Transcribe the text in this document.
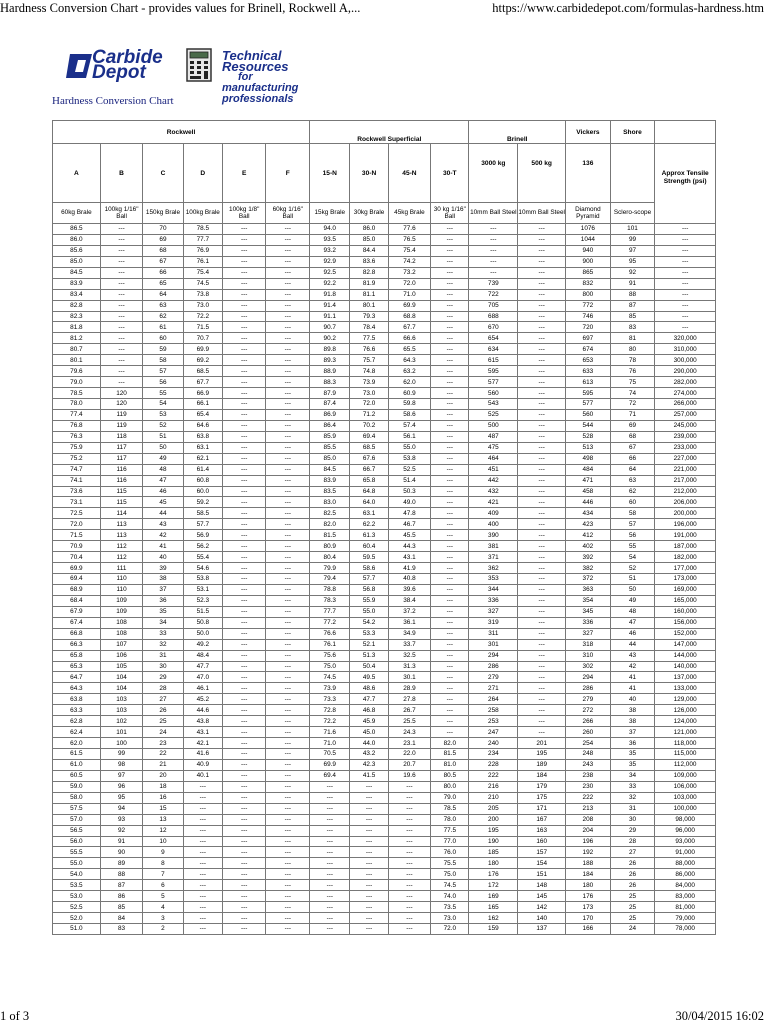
Hardness Conversion Chart - provides values for Brinell, Rockwell A,...	https://www.carbidedepot.com/formulas-hardness.htm
Carbide
Depot
Technical Resources
for
manufacturing professionals
Hardness Conversion Chart
Rockwell						Rockwell Superficial				Brinell		Vickers	Shore	
A	B	C	D	E	F	15-N	30-N	45-N	30-T	3000 kg	500 kg	136		Approx Tensile Strength (psi)
60kg Brale	100kg 1/16" Ball	150kg Brale	100kg Brale	100kg 1/8" Ball	60kg 1/16" Ball	15kg Brale	30kg Brale	45kg Brale	30 kg 1/16" Ball	10mm Ball Steel	10mm Ball Steel	Diamond Pyramid	Sclero-scope	
86.5	---	70	78.5	---	---	94.0	86.0	77.6	---	---	---	1076	101	---
86.0	---	69	77.7	---	---	93.5	85.0	76.5	---	---	---	1044	99	---
85.6	---	68	76.9	---	---	93.2	84.4	75.4	---	---	---	940	97	---
85.0	---	67	76.1	---	---	92.9	83.6	74.2	---	---	---	900	95	---
84.5	---	66	75.4	---	---	92.5	82.8	73.2	---	---	---	865	92	---
83.9	---	65	74.5	---	---	92.2	81.9	72.0	---	739	---	832	91	---
83.4	---	64	73.8	---	---	91.8	81.1	71.0	---	722	---	800	88	---
82.8	---	63	73.0	---	---	91.4	80.1	69.9	---	705	---	772	87	---
82.3	---	62	72.2	---	---	91.1	79.3	68.8	---	688	---	746	85	---
81.8	---	61	71.5	---	---	90.7	78.4	67.7	---	670	---	720	83	---
81.2	---	60	70.7	---	---	90.2	77.5	66.6	---	654	---	697	81	320,000
80.7	---	59	69.9	---	---	89.8	76.6	65.5	---	634	---	674	80	310,000
80.1	---	58	69.2	---	---	89.3	75.7	64.3	---	615	---	653	78	300,000
79.6	---	57	68.5	---	---	88.9	74.8	63.2	---	595	---	633	76	290,000
79.0	---	56	67.7	---	---	88.3	73.9	62.0	---	577	---	613	75	282,000
78.5	120	55	66.9	---	---	87.9	73.0	60.9	---	560	---	595	74	274,000
78.0	120	54	66.1	---	---	87.4	72.0	59.8	---	543	---	577	72	266,000
77.4	119	53	65.4	---	---	86.9	71.2	58.6	---	525	---	560	71	257,000
76.8	119	52	64.6	---	---	86.4	70.2	57.4	---	500	---	544	69	245,000
76.3	118	51	63.8	---	---	85.9	69.4	56.1	---	487	---	528	68	239,000
75.9	117	50	63.1	---	---	85.5	68.5	55.0	---	475	---	513	67	233,000
75.2	117	49	62.1	---	---	85.0	67.6	53.8	---	464	---	498	66	227,000
74.7	116	48	61.4	---	---	84.5	66.7	52.5	---	451	---	484	64	221,000
74.1	116	47	60.8	---	---	83.9	65.8	51.4	---	442	---	471	63	217,000
73.6	115	46	60.0	---	---	83.5	64.8	50.3	---	432	---	458	62	212,000
73.1	115	45	59.2	---	---	83.0	64.0	49.0	---	421	---	446	60	206,000
72.5	114	44	58.5	---	---	82.5	63.1	47.8	---	409	---	434	58	200,000
72.0	113	43	57.7	---	---	82.0	62.2	46.7	---	400	---	423	57	196,000
71.5	113	42	56.9	---	---	81.5	61.3	45.5	---	390	---	412	56	191,000
70.9	112	41	56.2	---	---	80.9	60.4	44.3	---	381	---	402	55	187,000
70.4	112	40	55.4	---	---	80.4	59.5	43.1	---	371	---	392	54	182,000
69.9	111	39	54.6	---	---	79.9	58.6	41.9	---	362	---	382	52	177,000
69.4	110	38	53.8	---	---	79.4	57.7	40.8	---	353	---	372	51	173,000
68.9	110	37	53.1	---	---	78.8	56.8	39.6	---	344	---	363	50	169,000
68.4	109	36	52.3	---	---	78.3	55.9	38.4	---	336	---	354	49	165,000
67.9	109	35	51.5	---	---	77.7	55.0	37.2	---	327	---	345	48	160,000
67.4	108	34	50.8	---	---	77.2	54.2	36.1	---	319	---	336	47	156,000
66.8	108	33	50.0	---	---	76.6	53.3	34.9	---	311	---	327	46	152,000
66.3	107	32	49.2	---	---	76.1	52.1	33.7	---	301	---	318	44	147,000
65.8	106	31	48.4	---	---	75.6	51.3	32.5	---	294	---	310	43	144,000
65.3	105	30	47.7	---	---	75.0	50.4	31.3	---	286	---	302	42	140,000
64.7	104	29	47.0	---	---	74.5	49.5	30.1	---	279	---	294	41	137,000
64.3	104	28	46.1	---	---	73.9	48.6	28.9	---	271	---	286	41	133,000
63.8	103	27	45.2	---	---	73.3	47.7	27.8	---	264	---	279	40	129,000
63.3	103	26	44.6	---	---	72.8	46.8	26.7	---	258	---	272	38	126,000
62.8	102	25	43.8	---	---	72.2	45.9	25.5	---	253	---	266	38	124,000
62.4	101	24	43.1	---	---	71.6	45.0	24.3	---	247	---	260	37	121,000
62.0	100	23	42.1	---	---	71.0	44.0	23.1	82.0	240	201	254	36	118,000
61.5	99	22	41.6	---	---	70.5	43.2	22.0	81.5	234	195	248	35	115,000
61.0	98	21	40.9	---	---	69.9	42.3	20.7	81.0	228	189	243	35	112,000
60.5	97	20	40.1	---	---	69.4	41.5	19.6	80.5	222	184	238	34	109,000
59.0	96	18	---	---	---	---	---	---	80.0	216	179	230	33	106,000
58.0	95	16	---	---	---	---	---	---	79.0	210	175	222	32	103,000
57.5	94	15	---	---	---	---	---	---	78.5	205	171	213	31	100,000
57.0	93	13	---	---	---	---	---	---	78.0	200	167	208	30	98,000
56.5	92	12	---	---	---	---	---	---	77.5	195	163	204	29	96,000
56.0	91	10	---	---	---	---	---	---	77.0	190	160	196	28	93,000
55.5	90	9	---	---	---	---	---	---	76.0	185	157	192	27	91,000
55.0	89	8	---	---	---	---	---	---	75.5	180	154	188	26	88,000
54.0	88	7	---	---	---	---	---	---	75.0	176	151	184	26	86,000
53.5	87	6	---	---	---	---	---	---	74.5	172	148	180	26	84,000
53.0	86	5	---	---	---	---	---	---	74.0	169	145	176	25	83,000
52.5	85	4	---	---	---	---	---	---	73.5	165	142	173	25	81,000
52.0	84	3	---	---	---	---	---	---	73.0	162	140	170	25	79,000
51.0	83	2	---	---	---	---	---	---	72.0	159	137	166	24	78,000
1 of 3	30/04/2015 16:02
